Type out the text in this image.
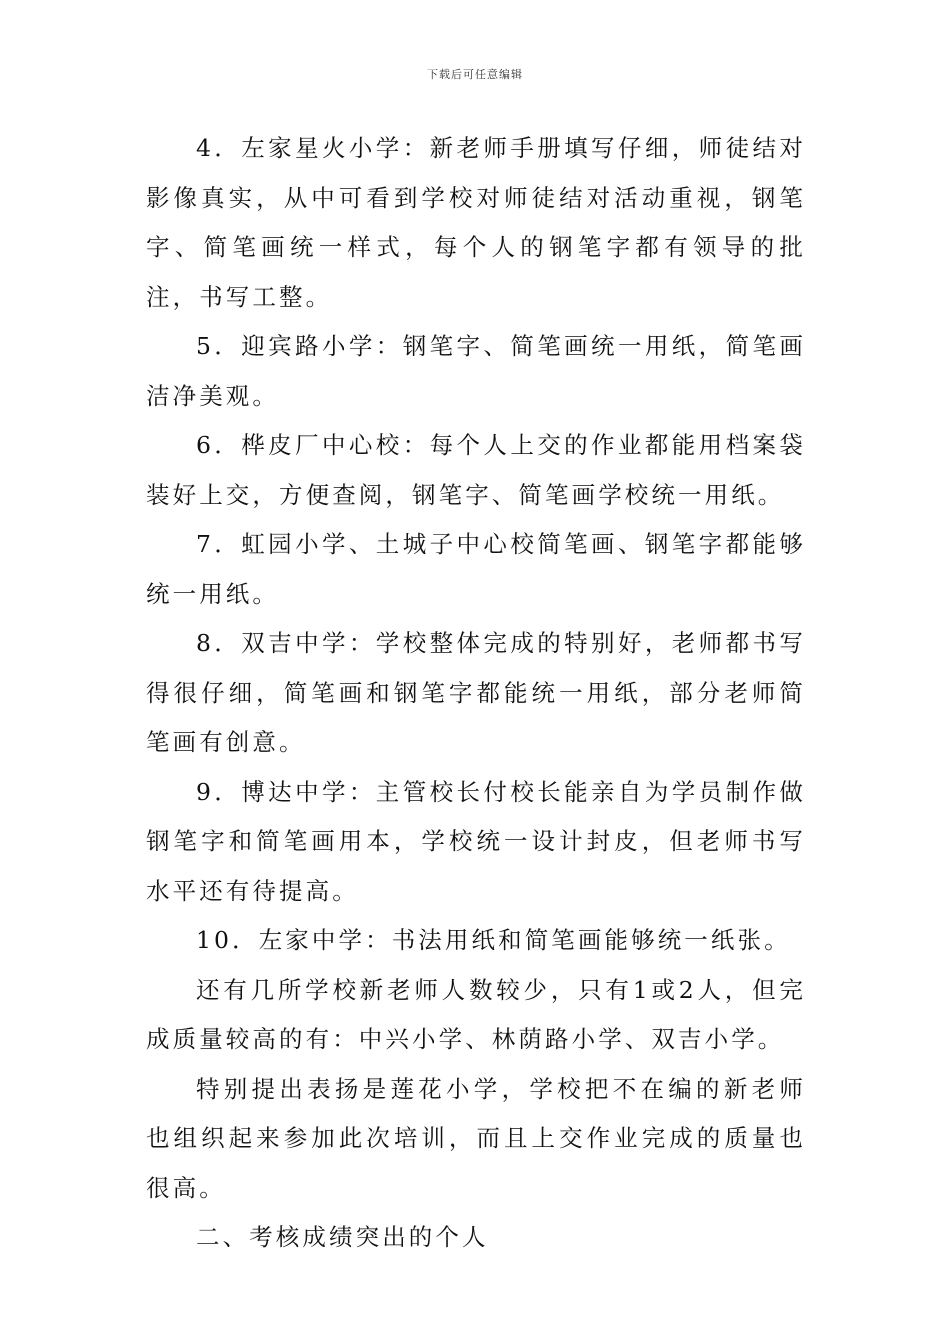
下载后可任意编辑

4．左家星火小学：新老师手册填写仔细，师徒结对影像真实，从中可看到学校对师徒结对活动重视，钢笔字、简笔画统一样式，每个人的钢笔字都有领导的批注，书写工整。

5．迎宾路小学：钢笔字、简笔画统一用纸，简笔画洁净美观。

6．桦皮厂中心校：每个人上交的作业都能用档案袋装好上交，方便查阅，钢笔字、简笔画学校统一用纸。

7．虹园小学、土城子中心校简笔画、钢笔字都能够统一用纸。

8．双吉中学：学校整体完成的特别好，老师都书写得很仔细，简笔画和钢笔字都能统一用纸，部分老师简笔画有创意。

9．博达中学：主管校长付校长能亲自为学员制作做钢笔字和简笔画用本，学校统一设计封皮，但老师书写水平还有待提高。

10．左家中学：书法用纸和简笔画能够统一纸张。

还有几所学校新老师人数较少，只有1或2人，但完成质量较高的有：中兴小学、林荫路小学、双吉小学。

特别提出表扬是莲花小学，学校把不在编的新老师也组织起来参加此次培训，而且上交作业完成的质量也很高。

二、考核成绩突出的个人
